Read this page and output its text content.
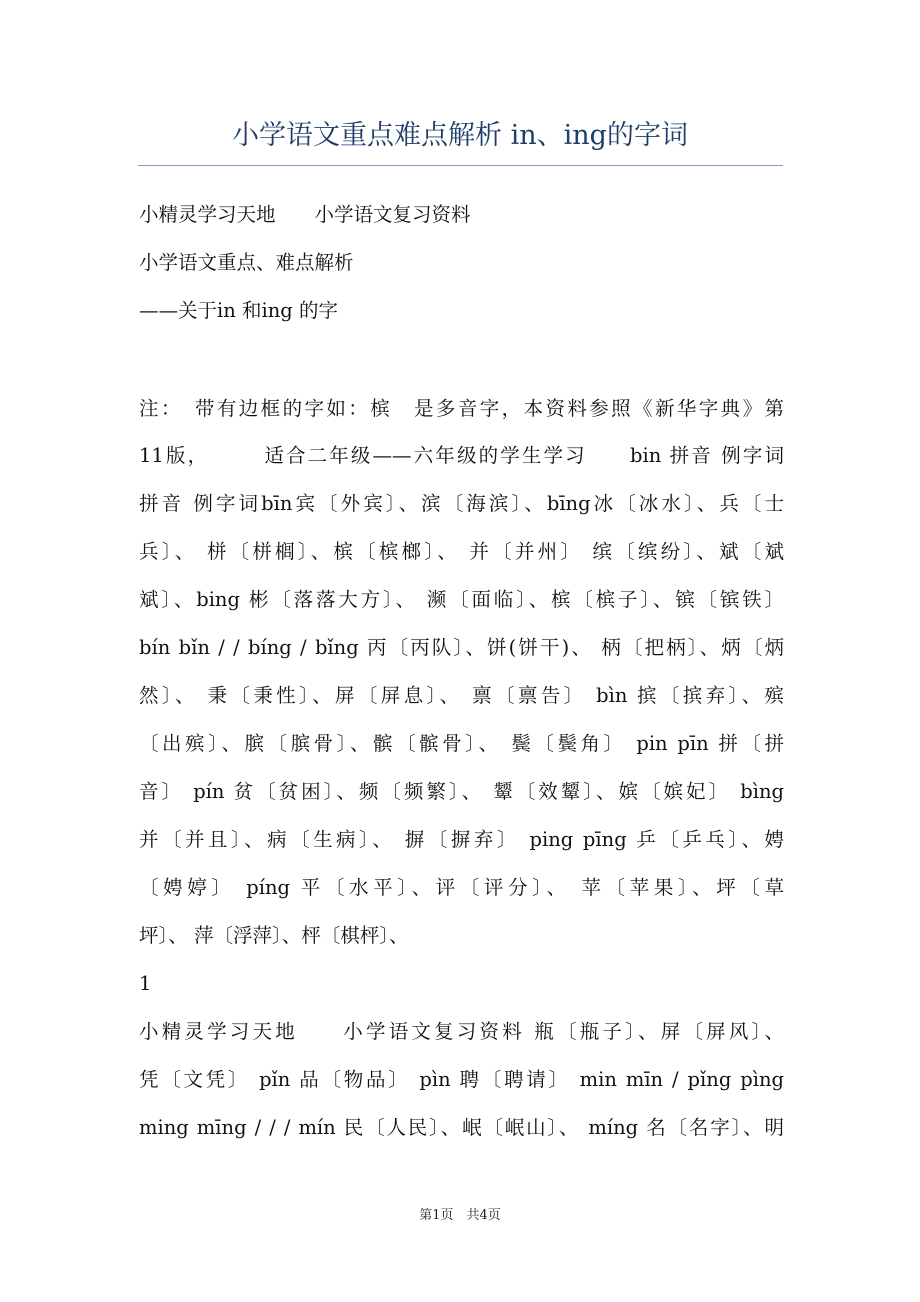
小学语文重点难点解析 in、ing的字词
小精灵学习天地　　小学语文复习资料
小学语文重点、难点解析
——关于in 和ing 的字
注：　带有边框的字如：槟　是多音字，本资料参照《新华字典》第
11版，　　　适合二年级——六年级的学生学习　　bin 拼音 例字词
拼音 例字词bīn宾〔外宾〕、滨〔海滨〕、bīng冰〔冰水〕、兵〔士
兵〕、 栟〔栟榈〕、槟〔槟榔〕、 并〔并州〕 缤〔缤纷〕、斌〔斌
斌〕、bing 彬〔落落大方〕、 濒〔面临〕、槟〔槟子〕、镔〔镔铁〕
bín bǐn / / bíng / bǐng 丙〔丙队〕、饼(饼干)、 柄〔把柄〕、炳〔炳
然〕、 秉〔秉性〕、屏〔屏息〕、 禀〔禀告〕 bìn 摈〔摈弃〕、殡
〔出殡〕、膑〔膑骨〕、髌〔髌骨〕、 鬓〔鬓角〕 pin pīn 拼〔拼
音〕 pín 贫〔贫困〕、频〔频繁〕、 颦〔效颦〕、嫔〔嫔妃〕 bìng
并〔并且〕、病〔生病〕、 摒〔摒弃〕 ping pīng 乒〔乒乓〕、娉
〔娉婷〕 píng 平〔水平〕、评〔评分〕、 苹〔苹果〕、坪〔草
坪〕、 萍〔浮萍〕、枰〔棋枰〕、
1
小精灵学习天地　　小学语文复习资料 瓶〔瓶子〕、屏〔屏风〕、
凭〔文凭〕 pǐn 品〔物品〕 pìn 聘〔聘请〕 min mīn / pǐng pìng
ming mīng / / / mín 民〔人民〕、岷〔岷山〕、 míng 名〔名字〕、明
第1页　共4页
